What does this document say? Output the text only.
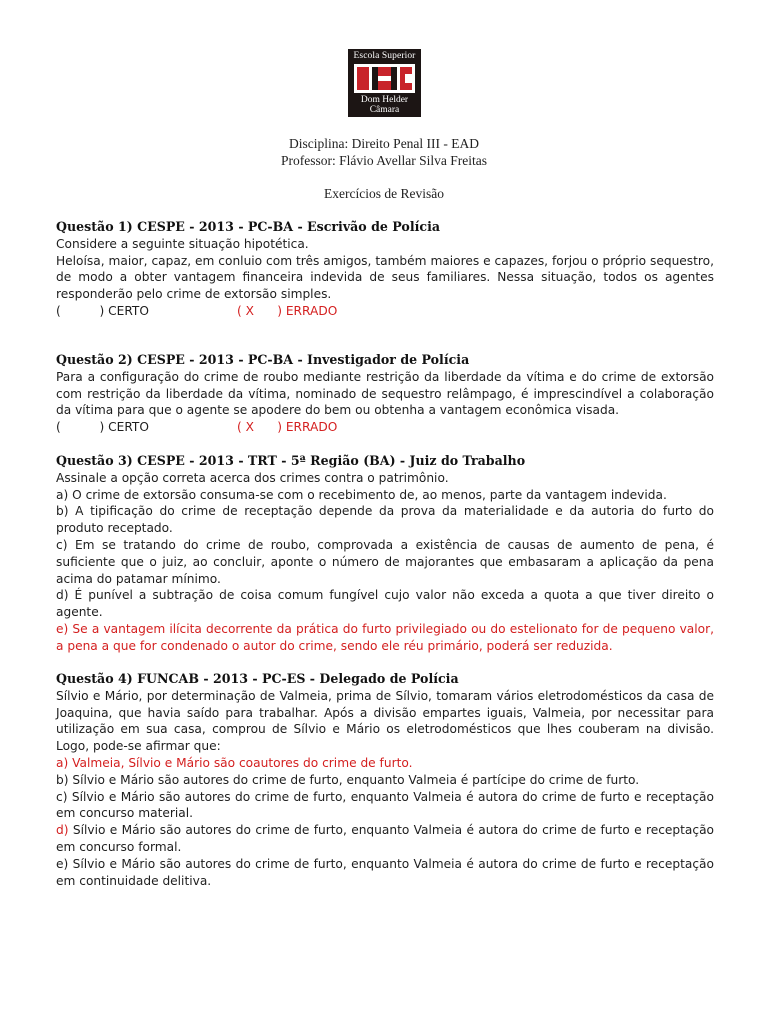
Escola Superior
Dom Helder
Câmara
Disciplina: Direito Penal III - EAD
Professor: Flávio Avellar Silva Freitas
Exercícios de Revisão

Questão 1) CESPE - 2013 - PC-BA - Escrivão de Polícia

Considere a seguinte situação hipotética.

Heloísa, maior, capaz, em conluio com três amigos, também maiores e capazes, forjou o próprio sequestro, de modo a obter vantagem financeira indevida de seus familiares. Nessa situação, todos os agentes responderão pelo crime de extorsão simples.

(          ) CERTO	( X      ) ERRADO

Questão 2) CESPE - 2013 - PC-BA - Investigador de Polícia

Para a configuração do crime de roubo mediante restrição da liberdade da vítima e do crime de extorsão com restrição da liberdade da vítima, nominado de sequestro relâmpago, é imprescindível a colaboração da vítima para que o agente se apodere do bem ou obtenha a vantagem econômica visada.

(          ) CERTO	( X      ) ERRADO

Questão 3) CESPE - 2013 - TRT - 5ª Região (BA) - Juiz do Trabalho

Assinale a opção correta acerca dos crimes contra o patrimônio.

a) O crime de extorsão consuma-se com o recebimento de, ao menos, parte da vantagem indevida.

b) A tipificação do crime de receptação depende da prova da materialidade e da autoria do furto do produto receptado.

c) Em se tratando do crime de roubo, comprovada a existência de causas de aumento de pena, é suficiente que o juiz, ao concluir, aponte o número de majorantes que embasaram a aplicação da pena acima do patamar mínimo.

d) É punível a subtração de coisa comum fungível cujo valor não exceda a quota a que tiver direito o agente.

e) Se a vantagem ilícita decorrente da prática do furto privilegiado ou do estelionato for de pequeno valor, a pena a que for condenado o autor do crime, sendo ele réu primário, poderá ser reduzida.

Questão 4) FUNCAB - 2013 - PC-ES - Delegado de Polícia

Sílvio e Mário, por determinação de Valmeia, prima de Sílvio, tomaram vários eletrodomésticos da casa de Joaquina, que havia saído para trabalhar. Após a divisão empartes iguais, Valmeia, por necessitar para utilização em sua casa, comprou de Sílvio e Mário os eletrodomésticos que lhes couberam na divisão. Logo, pode-se afirmar que:

a) Valmeia, Sílvio e Mário são coautores do crime de furto.

b) Sílvio e Mário são autores do crime de furto, enquanto Valmeia é partícipe do crime de furto.

c) Sílvio e Mário são autores do crime de furto, enquanto Valmeia é autora do crime de furto e receptação em concurso material.

d) Sílvio e Mário são autores do crime de furto, enquanto Valmeia é autora do crime de furto e receptação em concurso formal.

e) Sílvio e Mário são autores do crime de furto, enquanto Valmeia é autora do crime de furto e receptação em continuidade delitiva.
